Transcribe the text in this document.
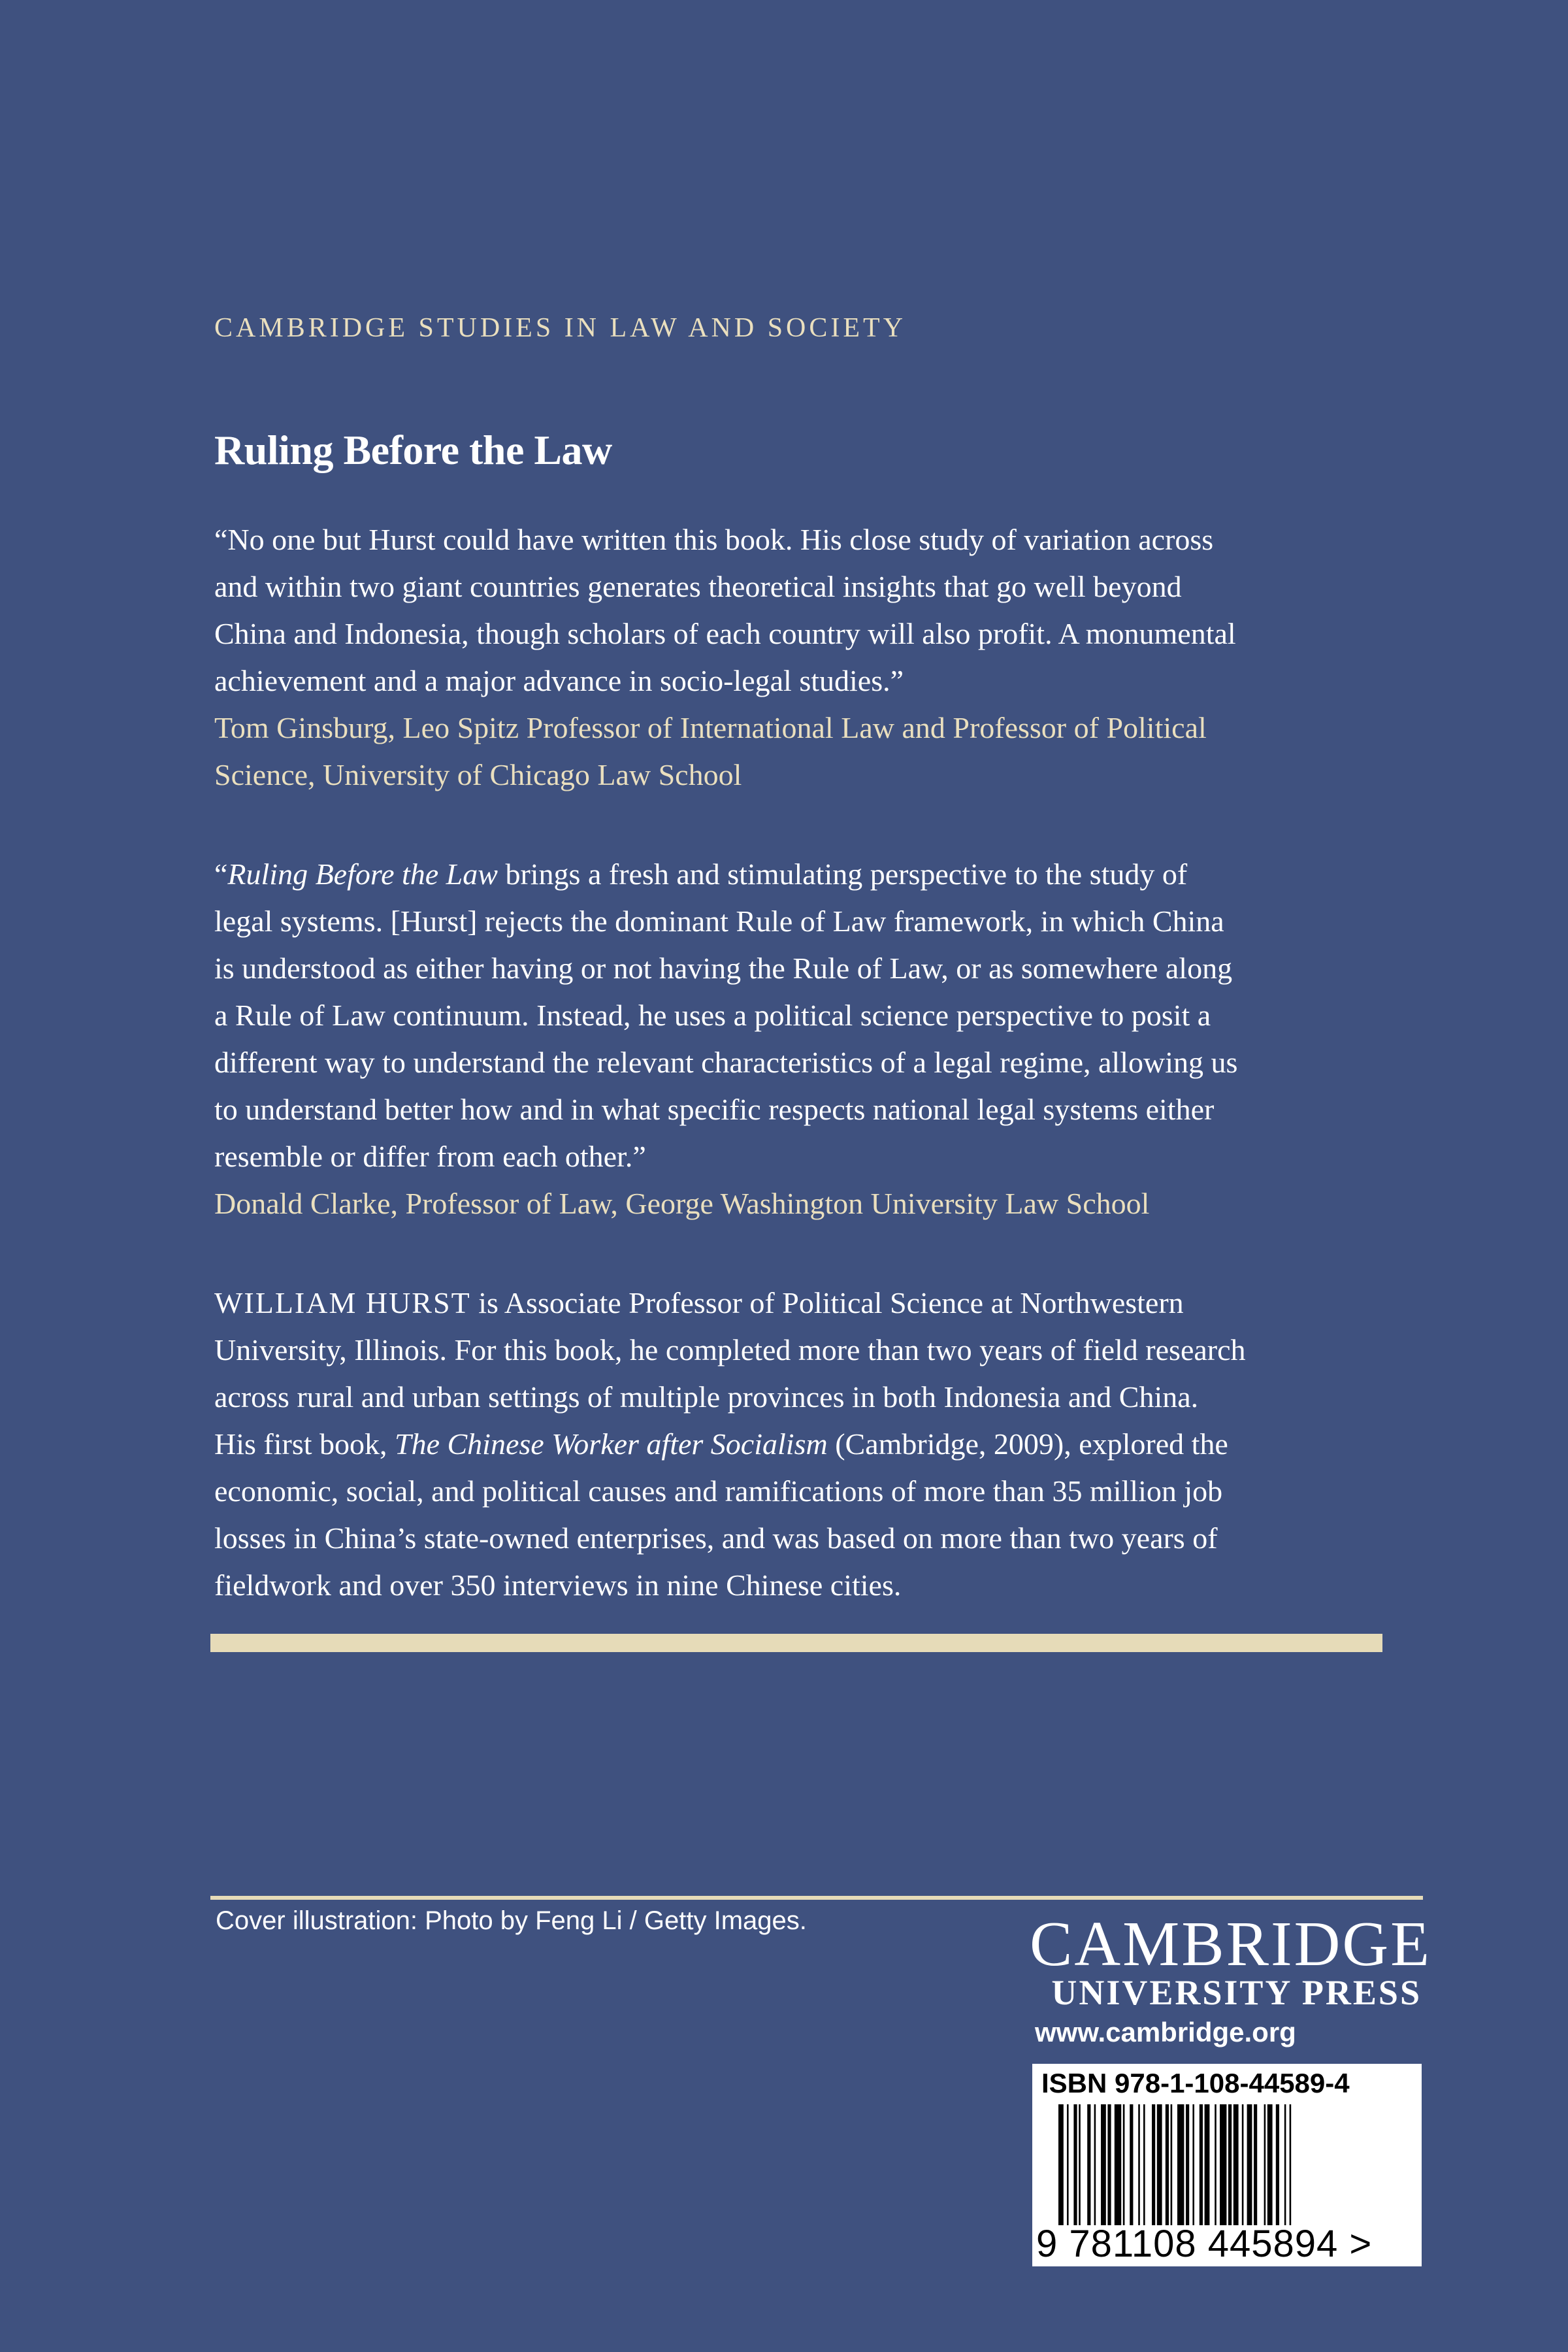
CAMBRIDGE STUDIES IN LAW AND SOCIETY
Ruling Before the Law
“No one but Hurst could have written this book. His close study of variation across
and within two giant countries generates theoretical insights that go well beyond
China and Indonesia, though scholars of each country will also profit. A monumental
achievement and a major advance in socio-legal studies.”
Tom Ginsburg, Leo Spitz Professor of International Law and Professor of Political
Science, University of Chicago Law School
“Ruling Before the Law brings a fresh and stimulating perspective to the study of
legal systems. [Hurst] rejects the dominant Rule of Law framework, in which China
is understood as either having or not having the Rule of Law, or as somewhere along
a Rule of Law continuum. Instead, he uses a political science perspective to posit a
different way to understand the relevant characteristics of a legal regime, allowing us
to understand better how and in what specific respects national legal systems either
resemble or differ from each other.”
Donald Clarke, Professor of Law, George Washington University Law School
WILLIAM HURST is Associate Professor of Political Science at Northwestern
University, Illinois. For this book, he completed more than two years of field research
across rural and urban settings of multiple provinces in both Indonesia and China.
His first book, The Chinese Worker after Socialism (Cambridge, 2009), explored the
economic, social, and political causes and ramifications of more than 35 million job
losses in China’s state-owned enterprises, and was based on more than two years of
fieldwork and over 350 interviews in nine Chinese cities.
Cover illustration: Photo by Feng Li / Getty Images.	CAMBRIDGE
UNIVERSITY PRESS
www.cambridge.org
ISBN 978-1-108-44589-4
9 781108 445894 >
